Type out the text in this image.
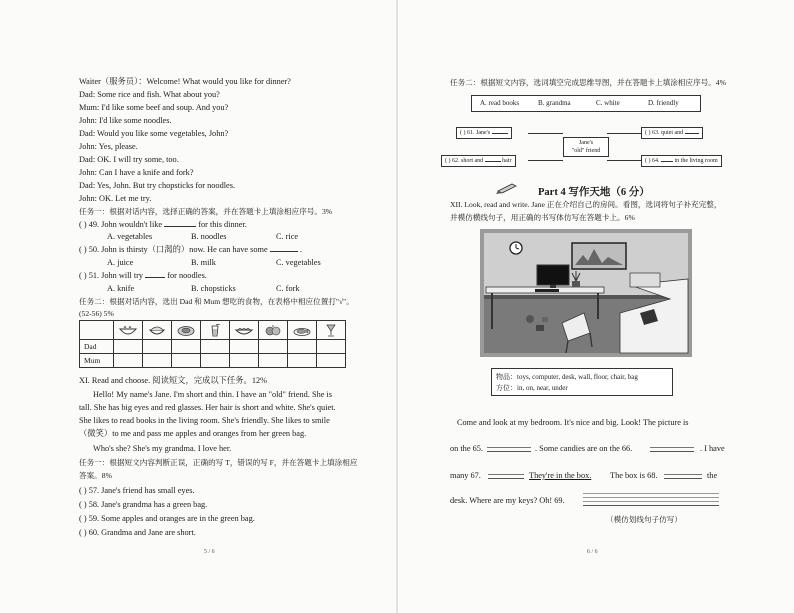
Waiter（服务员）：Welcome! What would you like for dinner?
Dad: Some rice and fish. What about you?
Mum: I'd like some beef and soup. And you?
John: I'd like some noodles.
Dad: Would you like some vegetables, John?
John: Yes, please.
Dad: OK. I will try some, too.
John: Can I have a knife and fork?
Dad: Yes, John. But try chopsticks for noodles.
John: OK. Let me try.
任务一：根据对话内容，选择正确的答案，并在答题卡上填涂相应序号。3%
( ) 49. John wouldn't like	for this dinner.
A. vegetables	B. noodles	C. rice
( ) 50. John is thirsty（口渴的）now. He can have some	.
A. juice	B. milk	C. vegetables
( ) 51. John will try	for noodles.
A. knife	B. chopsticks	C. fork
任务二：根据对话内容，选出 Dad 和 Mum 想吃的食物，在表格中相应位置打"√"。
(52-56) 5%

Dad								
Mum								
XI. Read and choose. 阅读短文，完成以下任务。12%
Hello! My name's Jane. I'm short and thin. I have an "old" friend. She is
tall. She has big eyes and red glasses. Her hair is short and white. She's quiet.
She likes to read books in the living room. She's friendly. She likes to smile
（微笑）to me and pass me apples and oranges from her green bag.
Who's she? She's my grandma. I love her.
任务一：根据短文内容判断正误，正确的写 T，错误的写 F，并在答题卡上填涂相应
答案。8%
( ) 57. Jane's friend has small eyes.
( ) 58. Jane's grandma has a green bag.
( ) 59. Some apples and oranges are in the green bag.
( ) 60. Grandma and Jane are short.
5 / 6
任务二：根据短文内容，选词填空完成思维导图，并在答题卡上填涂相应序号。4%
A. read books	B. grandma	C. white	D. friendly
Jane's
"old" friend
( ) 61. Jane's
( ) 62. short and	hair
( ) 63. quiet and
( ) 64.	in the living room
Part 4 写作天地（6 分）
XII. Look, read and write. Jane 正在介绍自己的房间。看图，选词将句子补充完整，
并模仿横线句子，用正确的书写体仿写在答题卡上。6%
物品：toys, computer, desk, wall, floor, chair, bag
方位：in, on, near, under
Come and look at my bedroom. It's nice and big. Look! The picture is
on the 65.	. Some candies are on the 66.	. I have
many 67.	They're in the box. The box is 68.	the
desk. Where are my keys? Oh! 69.
（模仿划线句子仿写）
6 / 6
